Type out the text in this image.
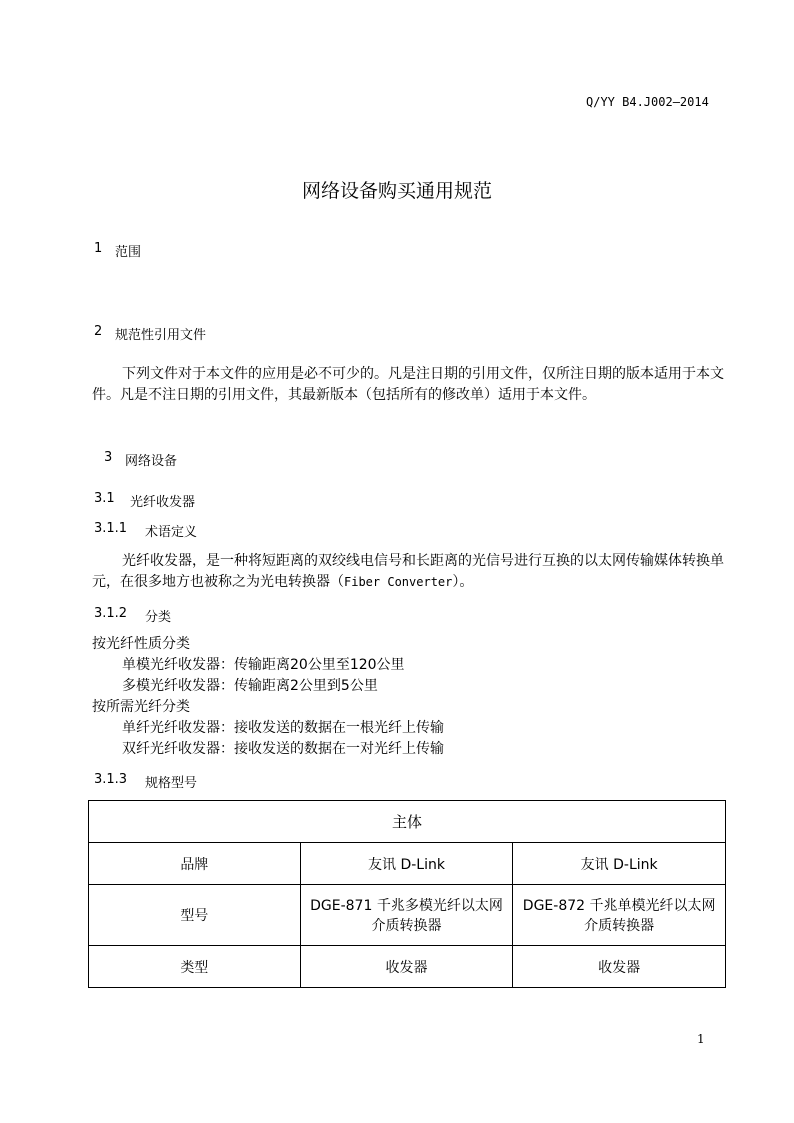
Q/YY B4.J002—2014
网络设备购买通用规范
1 范围
2 规范性引用文件
下列文件对于本文件的应用是必不可少的。凡是注日期的引用文件，仅所注日期的版本适用于本文
件。凡是不注日期的引用文件，其最新版本（包括所有的修改单）适用于本文件。
3 网络设备
3.1 光纤收发器
3.1.1 术语定义
光纤收发器，是一种将短距离的双绞线电信号和长距离的光信号进行互换的以太网传输媒体转换单
元，在很多地方也被称之为光电转换器（Fiber Converter）。
3.1.2 分类
按光纤性质分类
单模光纤收发器：传输距离20公里至120公里
多模光纤收发器：传输距离2公里到5公里
按所需光纤分类
单纤光纤收发器：接收发送的数据在一根光纤上传输
双纤光纤收发器：接收发送的数据在一对光纤上传输
3.1.3 规格型号
主体		
品牌	友讯 D-Link	友讯 D-Link
型号	DGE-871 千兆多模光纤以太网介质转换器	DGE-872 千兆单模光纤以太网介质转换器
类型	收发器	收发器
1
